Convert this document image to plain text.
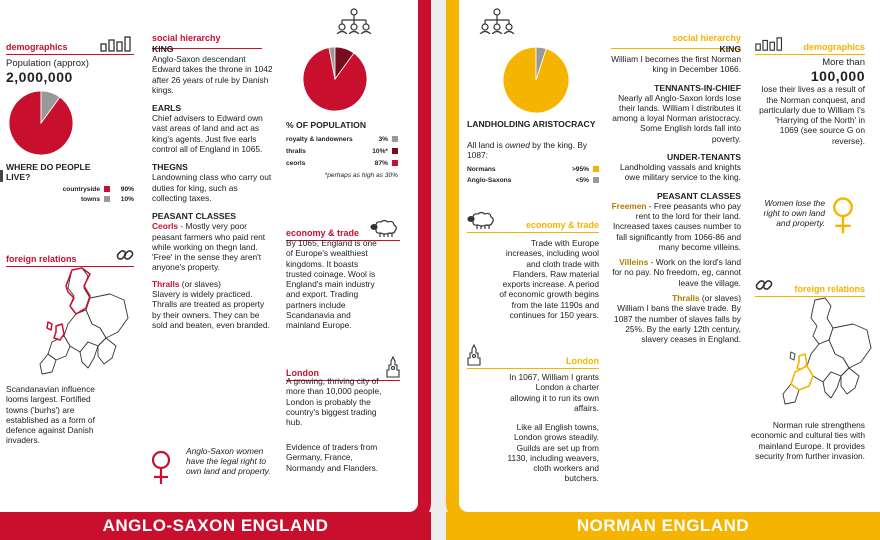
demographics
Population (approx)
2,000,000
WHERE DO PEOPLE LIVE?
countryside	90%
towns	10%
foreign relations
Scandanavian influence looms largest. Fortified towns ('burhs') are established as a form of defence against Danish invaders.
social hierarchy
KING
Anglo-Saxon descendant Edward takes the throne in 1042 after 26 years of rule by Danish kings.
EARLS
Chief advisers to Edward own vast areas of land and act as king's agents. Just five earls control all of England in 1065.
THEGNS
Landowning class who carry out duties for king, such as collecting taxes.
PEASANT CLASSES
Ceorls - Mostly very poor peasant farmers who paid rent while working on thegn land. 'Free' in the sense they aren't anyone's property.
Thralls (or slaves)
Slavery is widely practiced. Thralls are treated as property by their owners. They can be sold and beaten, even branded.
Anglo-Saxon women have the legal right to own land and property.
% OF POPULATION
royalty & landowners	3%
thralls	10%*
ceorls	87%
*perhaps as high as 30%
economy & trade
By 1065, England is one of Europe's wealthiest kingdoms. It boasts trusted coinage. Wool is England's main industry and export. Trading partners include Scandanavia and mainland Europe.
London
A growing, thriving city of more than 10,000 people, London is probably the country's biggest trading hub.
Evidence of traders from Germany, France, Normandy and Flanders.
LANDHOLDING ARISTOCRACY
All land is owned by the king. By 1087:
Normans	>95%
Anglo-Saxons	<5%
economy & trade
Trade with Europe increases, including wool and cloth trade with Flanders. Raw material exports increase. A period of economic growth begins from the late 1190s and continues for 150 years.
London
In 1067, William I grants London a charter allowing it to run its own affairs.
Like all English towns, London grows steadily. Guilds are set up from 1130, including weavers, cloth workers and butchers.
social hierarchy
KING
William I becomes the first Norman king in December 1066.
TENNANTS-IN-CHIEF
Nearly all Anglo-Saxon lords lose their lands. William I distributes it among a loyal Norman aristocracy. Some English lords fall into poverty.
UNDER-TENANTS
Landholding vassals and knights owe military service to the king.
PEASANT CLASSES
Freemen - Free peasants who pay rent to the lord for their land. Increased taxes causes number to fall significantly from 1066-86 and many become villeins.
Villeins - Work on the lord's land for no pay. No freedom, eg, cannot leave the village.
Thralls (or slaves)
William I bans the slave trade. By 1087 the number of slaves falls by 25%. By the early 12th century, slavery ceases in England.
demographics
More than
100,000
lose their lives as a result of the Norman conquest, and particularly due to William I's 'Harrying of the North' in 1069 (see source G on reverse).
Women lose the right to own land and property.
foreign relations
Norman rule strengthens economic and cultural ties with mainland Europe. It provides security from further invasion.
ANGLO-SAXON ENGLAND	NORMAN ENGLAND
